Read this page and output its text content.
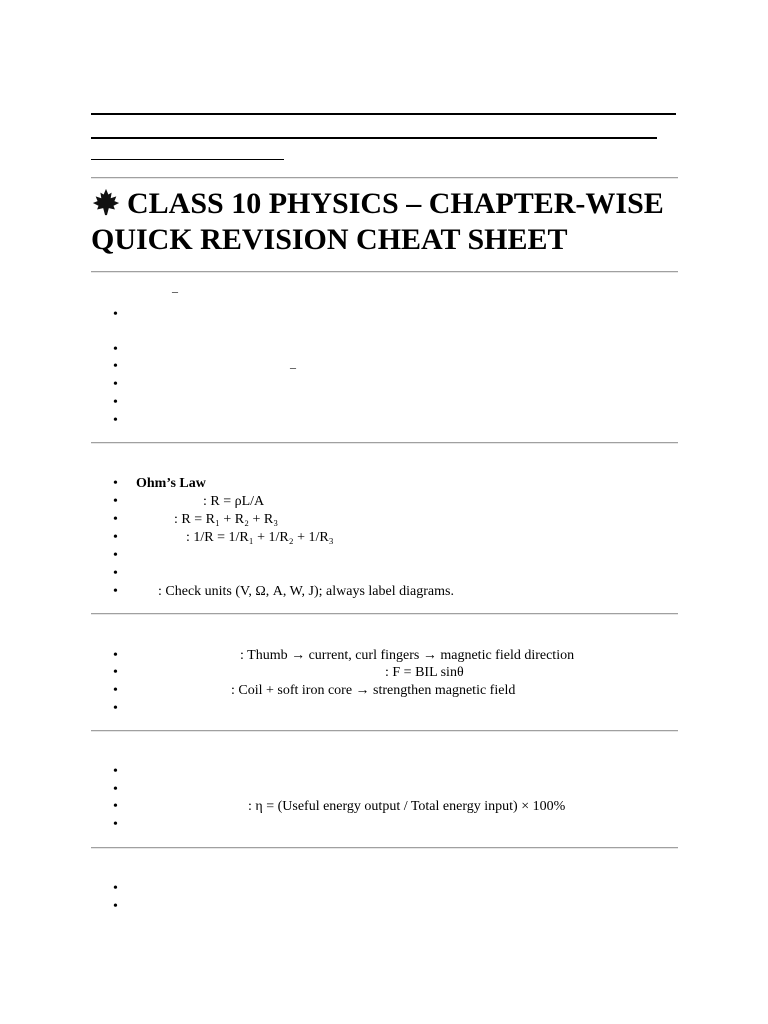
CLASS 10 PHYSICS – CHAPTER-WISE
QUICK REVISION CHEAT SHEET
–
•
•
•	–
•
•
•
• Ohm’s Law
•	: R = ρL/A
•	: R = R₁ + R₂ + R₃
•	: 1/R = 1/R₁ + 1/R₂ + 1/R₃
•
•
•	: Check units (V, Ω, A, W, J); always label diagrams.
•	: Thumb → current, curl fingers → magnetic field direction
•	: F = BIL sinθ
•	: Coil + soft iron core → strengthen magnetic field
•
•
•
•	: η = (Useful energy output / Total energy input) × 100%
•
•
•
